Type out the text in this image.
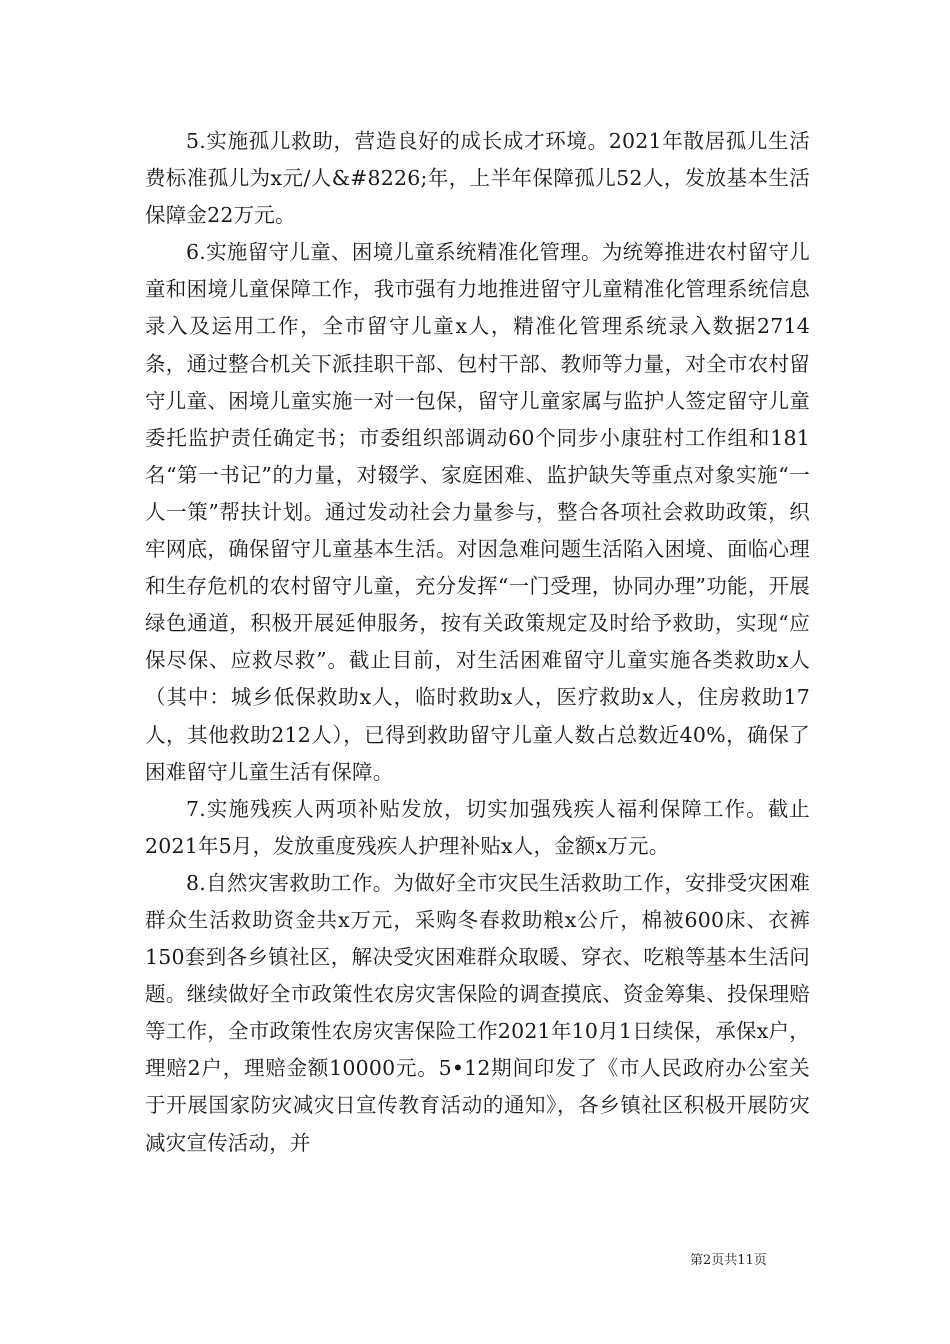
5.实施孤儿救助，营造良好的成长成才环境。2021年散居孤儿生活费标准孤儿为x元/人&#8226;年，上半年保障孤儿52人，发放基本生活保障金22万元。

6.实施留守儿童、困境儿童系统精准化管理。为统筹推进农村留守儿童和困境儿童保障工作，我市强有力地推进留守儿童精准化管理系统信息录入及运用工作，全市留守儿童x人，精准化管理系统录入数据2714条，通过整合机关下派挂职干部、包村干部、教师等力量，对全市农村留守儿童、困境儿童实施一对一包保，留守儿童家属与监护人签定留守儿童委托监护责任确定书；市委组织部调动60个同步小康驻村工作组和181名“第一书记”的力量，对辍学、家庭困难、监护缺失等重点对象实施“一人一策”帮扶计划。通过发动社会力量参与，整合各项社会救助政策，织牢网底，确保留守儿童基本生活。对因急难问题生活陷入困境、面临心理和生存危机的农村留守儿童，充分发挥“一门受理，协同办理”功能，开展绿色通道，积极开展延伸服务，按有关政策规定及时给予救助，实现“应保尽保、应救尽救”。截止目前，对生活困难留守儿童实施各类救助x人（其中：城乡低保救助x人，临时救助x人，医疗救助x人，住房救助17人，其他救助212人），已得到救助留守儿童人数占总数近40%，确保了困难留守儿童生活有保障。

7.实施残疾人两项补贴发放，切实加强残疾人福利保障工作。截止2021年5月，发放重度残疾人护理补贴x人，金额x万元。

8.自然灾害救助工作。为做好全市灾民生活救助工作，安排受灾困难群众生活救助资金共x万元，采购冬春救助粮x公斤，棉被600床、衣裤150套到各乡镇社区，解决受灾困难群众取暖、穿衣、吃粮等基本生活问题。继续做好全市政策性农房灾害保险的调查摸底、资金筹集、投保理赔等工作，全市政策性农房灾害保险工作2021年10月1日续保，承保x户，理赔2户，理赔金额10000元。5•12期间印发了《市人民政府办公室关于开展国家防灾减灾日宣传教育活动的通知》，各乡镇社区积极开展防灾减灾宣传活动，并

第2页共11页
